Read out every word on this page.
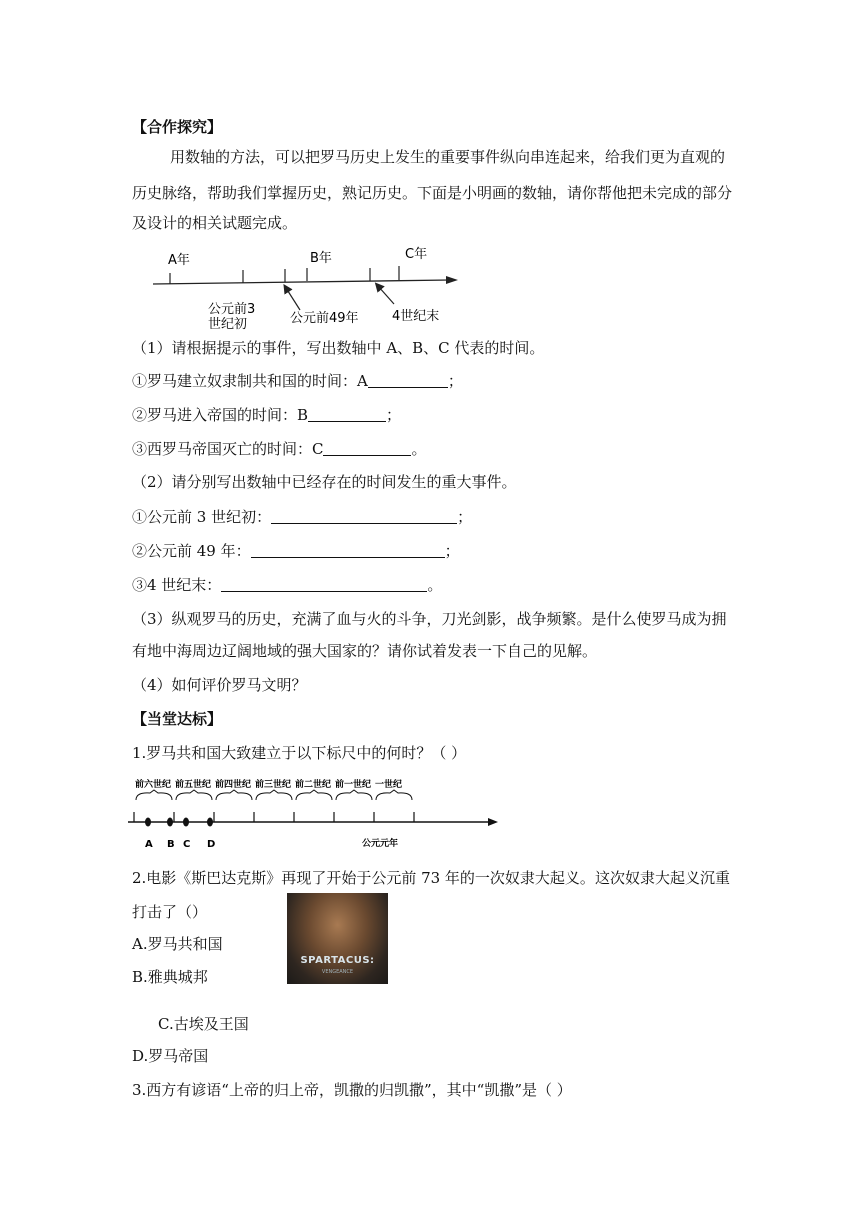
【合作探究】
用数轴的方法，可以把罗马历史上发生的重要事件纵向串连起来，给我们更为直观的
历史脉络，帮助我们掌握历史，熟记历史。下面是小明画的数轴，请你帮他把未完成的部分
及设计的相关试题完成。
A年	B年	C年
公元前3
世纪初	公元前49年	4世纪末
（1）请根据提示的事件，写出数轴中 A、B、C 代表的时间。
①罗马建立奴隶制共和国的时间：A	；
②罗马进入帝国的时间：B	；
③西罗马帝国灭亡的时间：C	。
（2）请分别写出数轴中已经存在的时间发生的重大事件。
①公元前 3 世纪初：	；
②公元前 49 年：	；
③4 世纪末：	。
（3）纵观罗马的历史，充满了血与火的斗争，刀光剑影，战争频繁。是什么使罗马成为拥
有地中海周边辽阔地域的强大国家的？请你试着发表一下自己的见解。
（4）如何评价罗马文明？
【当堂达标】
1.罗马共和国大致建立于以下标尺中的何时？（ ）
前六世纪 前五世纪 前四世纪 前三世纪 前二世纪 前一世纪 一世纪
A B C D	公元元年
2.电影《斯巴达克斯》再现了开始于公元前 73 年的一次奴隶大起义。这次奴隶大起义沉重
打击了（）
SPARTACUS:
VENGEANCE
A.罗马共和国
B.雅典城邦
C.古埃及王国
D.罗马帝国
3.西方有谚语“上帝的归上帝，凯撒的归凯撒”，其中“凯撒”是（ ）
